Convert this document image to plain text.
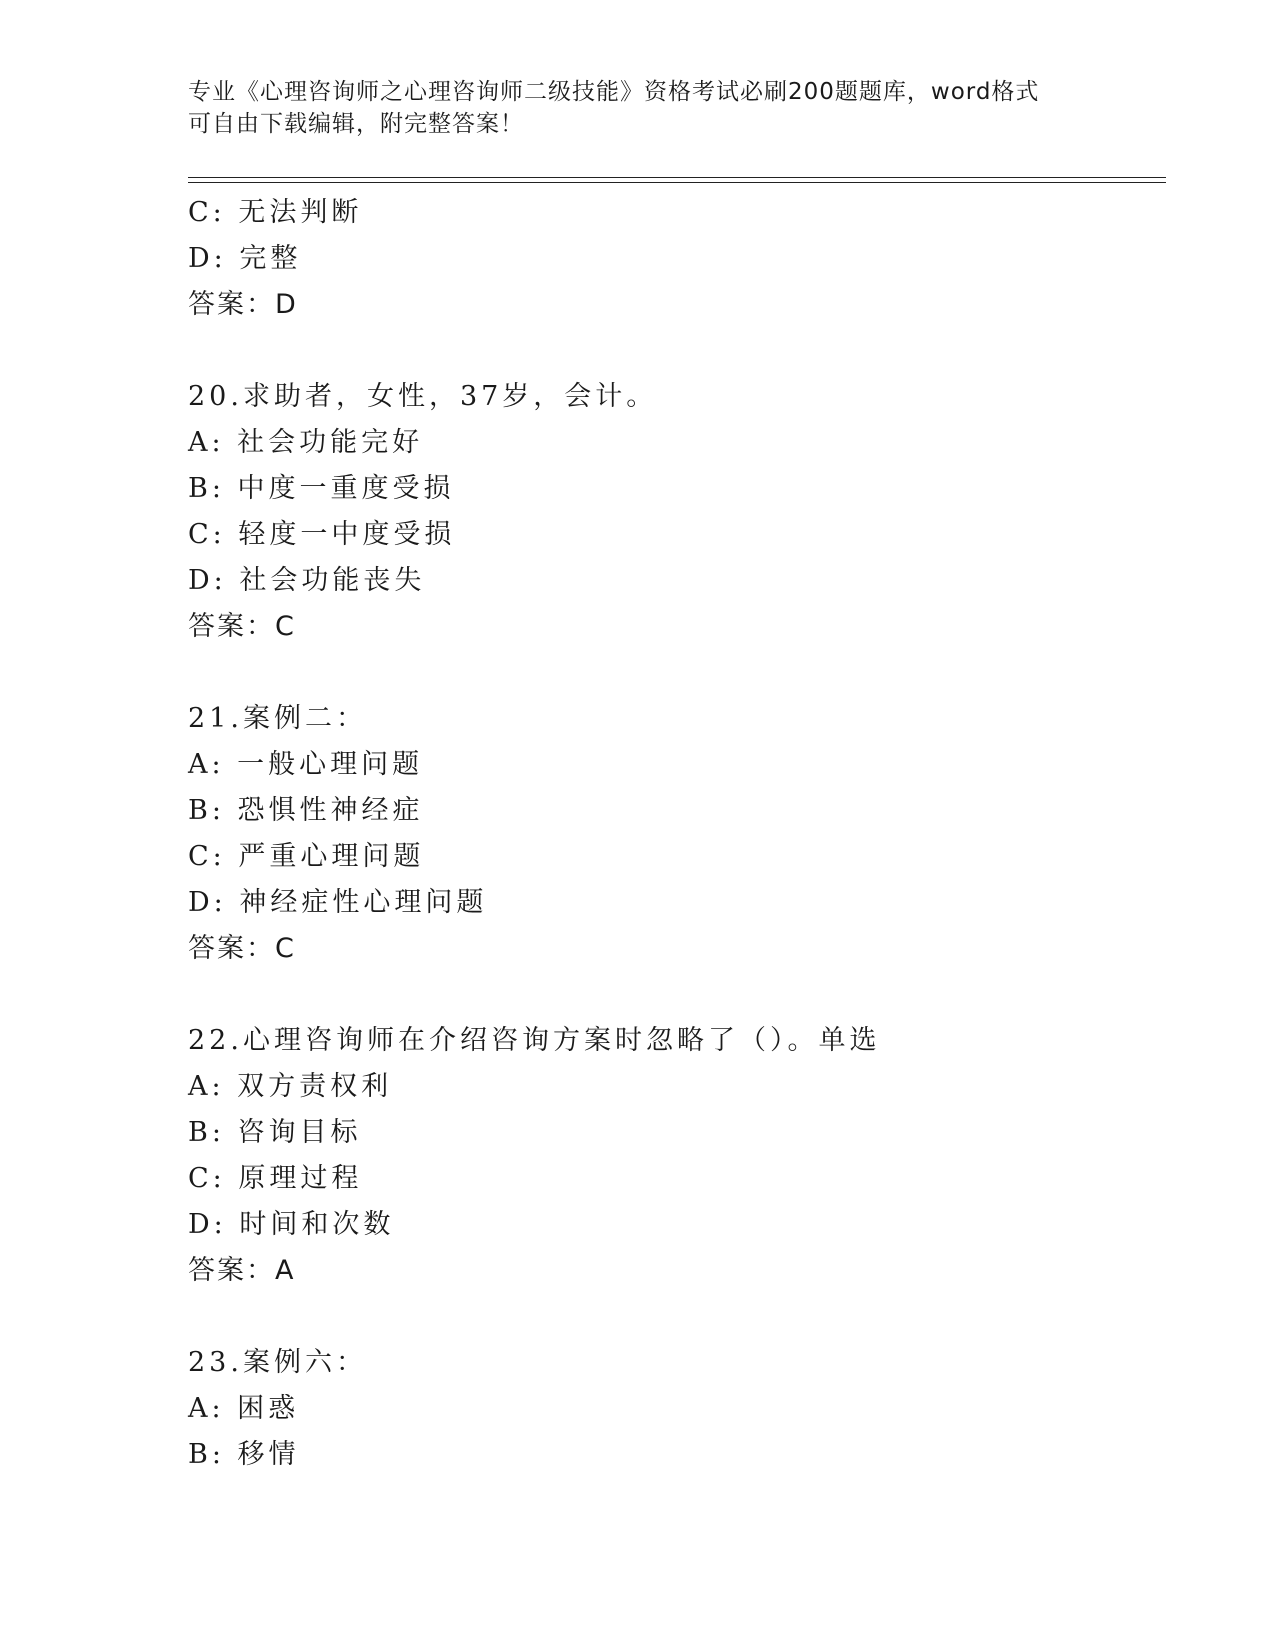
专业《心理咨询师之心理咨询师二级技能》资格考试必刷200题题库，word格式
可自由下载编辑，附完整答案！
C: 无法判断
D: 完整
答案：D
20.求助者，女性，37岁，会计。
A: 社会功能完好
B: 中度一重度受损
C: 轻度一中度受损
D: 社会功能丧失
答案：C
21.案例二：
A: 一般心理问题
B: 恐惧性神经症
C: 严重心理问题
D: 神经症性心理问题
答案：C
22.心理咨询师在介绍咨询方案时忽略了（）。单选
A: 双方责权利
B: 咨询目标
C: 原理过程
D: 时间和次数
答案：A
23.案例六：
A: 困惑
B: 移情
